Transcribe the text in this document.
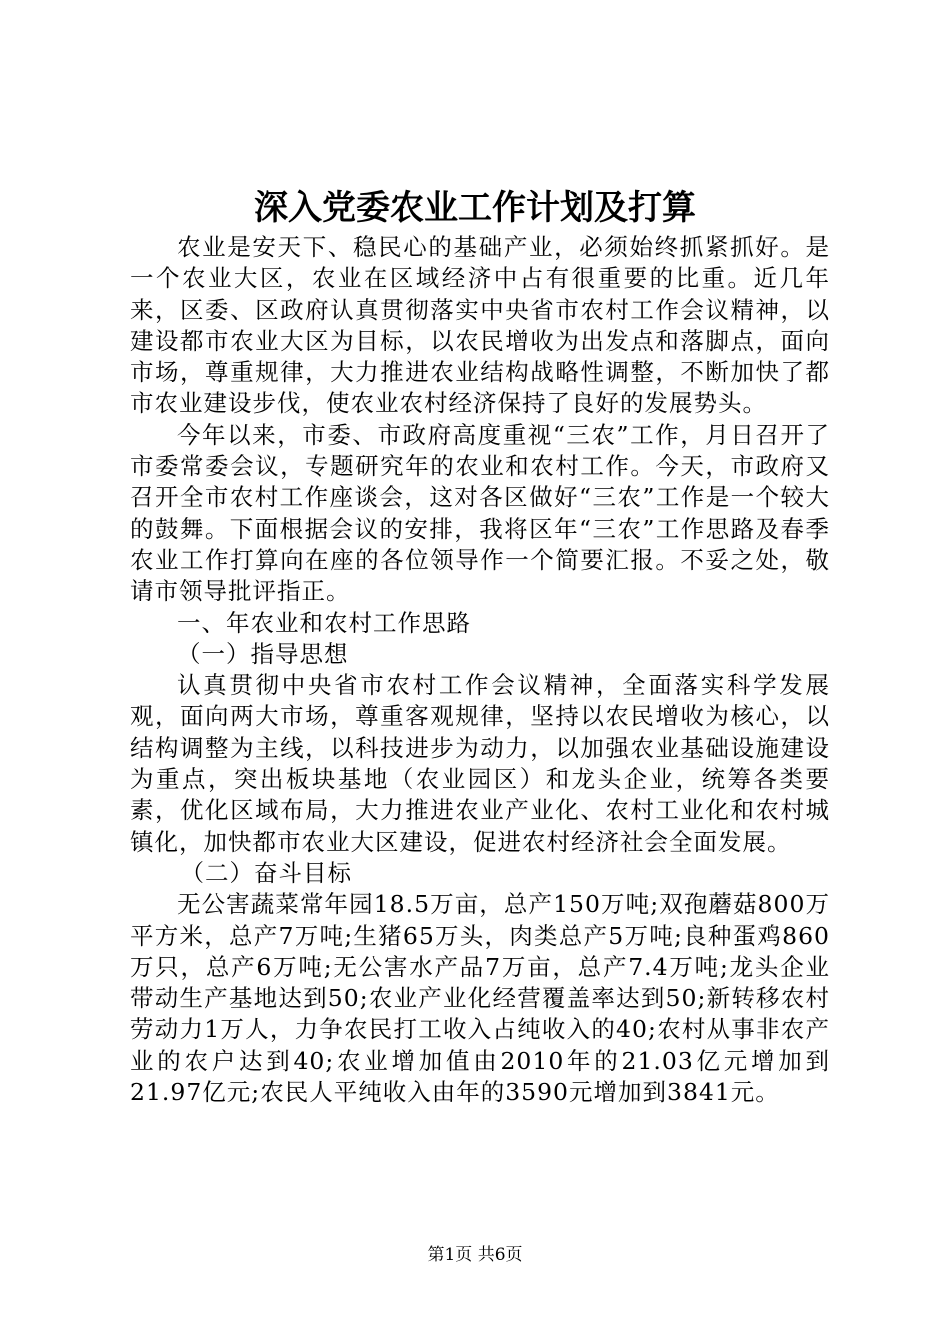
深入党委农业工作计划及打算

农业是安天下、稳民心的基础产业，必须始终抓紧抓好。是一个农业大区，农业在区域经济中占有很重要的比重。近几年来，区委、区政府认真贯彻落实中央省市农村工作会议精神，以建设都市农业大区为目标，以农民增收为出发点和落脚点，面向市场，尊重规律，大力推进农业结构战略性调整，不断加快了都市农业建设步伐，使农业农村经济保持了良好的发展势头。

今年以来，市委、市政府高度重视“三农”工作，月日召开了市委常委会议，专题研究年的农业和农村工作。今天，市政府又召开全市农村工作座谈会，这对各区做好“三农”工作是一个较大的鼓舞。下面根据会议的安排，我将区年“三农”工作思路及春季农业工作打算向在座的各位领导作一个简要汇报。不妥之处，敬请市领导批评指正。

一、年农业和农村工作思路

（一）指导思想

认真贯彻中央省市农村工作会议精神，全面落实科学发展观，面向两大市场，尊重客观规律，坚持以农民增收为核心，以结构调整为主线，以科技进步为动力，以加强农业基础设施建设为重点，突出板块基地（农业园区）和龙头企业，统筹各类要素，优化区域布局，大力推进农业产业化、农村工业化和农村城镇化，加快都市农业大区建设，促进农村经济社会全面发展。

（二）奋斗目标

无公害蔬菜常年园18.5万亩，总产150万吨;双孢蘑菇800万平方米，总产7万吨;生猪65万头，肉类总产5万吨;良种蛋鸡860万只，总产6万吨;无公害水产品7万亩，总产7.4万吨;龙头企业带动生产基地达到50;农业产业化经营覆盖率达到50;新转移农村劳动力1万人，力争农民打工收入占纯收入的40;农村从事非农产业的农户达到40;农业增加值由2010年的21.03亿元增加到21.97亿元;农民人平纯收入由年的3590元增加到3841元。

第1页 共6页
